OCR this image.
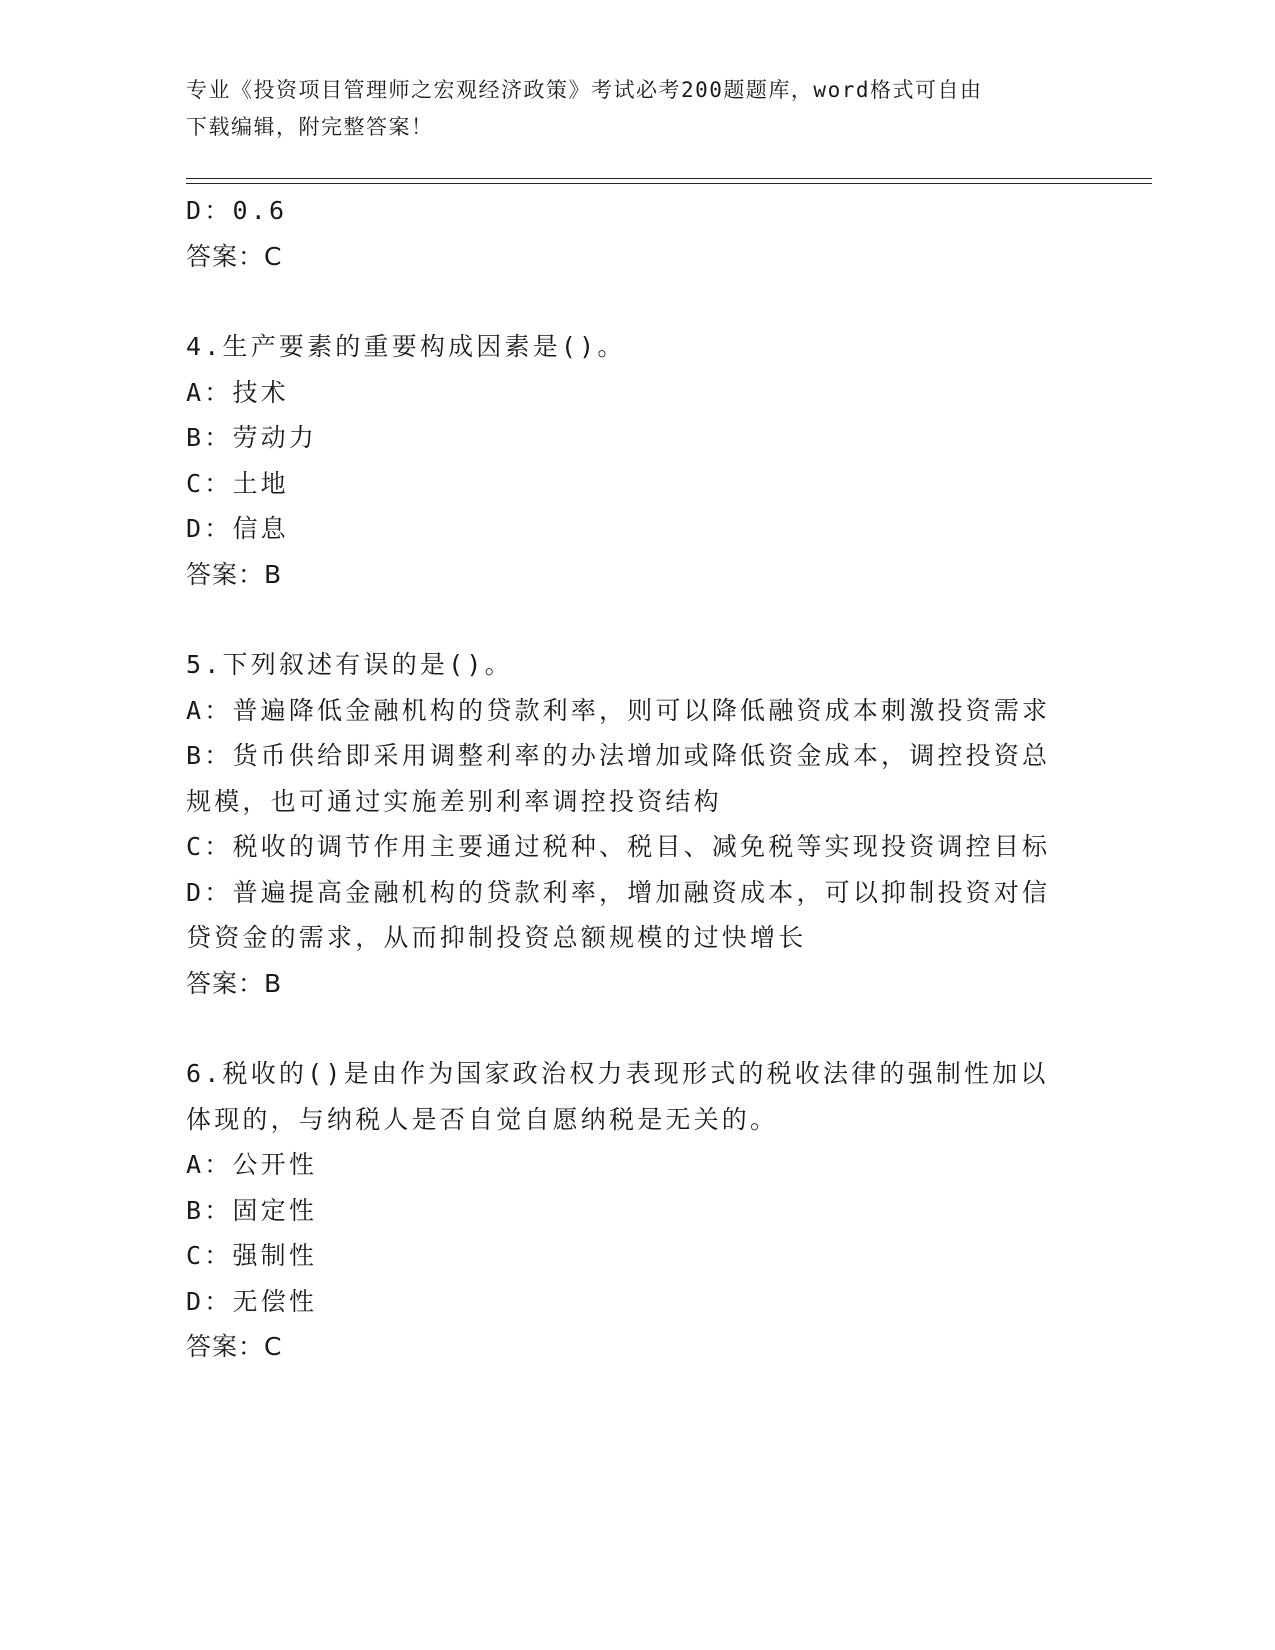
专业《投资项目管理师之宏观经济政策》考试必考200题题库，word格式可自由
下载编辑，附完整答案！
D：0.6
答案：C
4.生产要素的重要构成因素是()。
A：技术
B：劳动力
C：土地
D：信息
答案：B
5.下列叙述有误的是()。
A：普遍降低金融机构的贷款利率，则可以降低融资成本刺激投资需求
B：货币供给即采用调整利率的办法增加或降低资金成本，调控投资总
规模，也可通过实施差别利率调控投资结构
C：税收的调节作用主要通过税种、税目、减免税等实现投资调控目标
D：普遍提高金融机构的贷款利率，增加融资成本，可以抑制投资对信
贷资金的需求，从而抑制投资总额规模的过快增长
答案：B
6.税收的()是由作为国家政治权力表现形式的税收法律的强制性加以
体现的，与纳税人是否自觉自愿纳税是无关的。
A：公开性
B：固定性
C：强制性
D：无偿性
答案：C
